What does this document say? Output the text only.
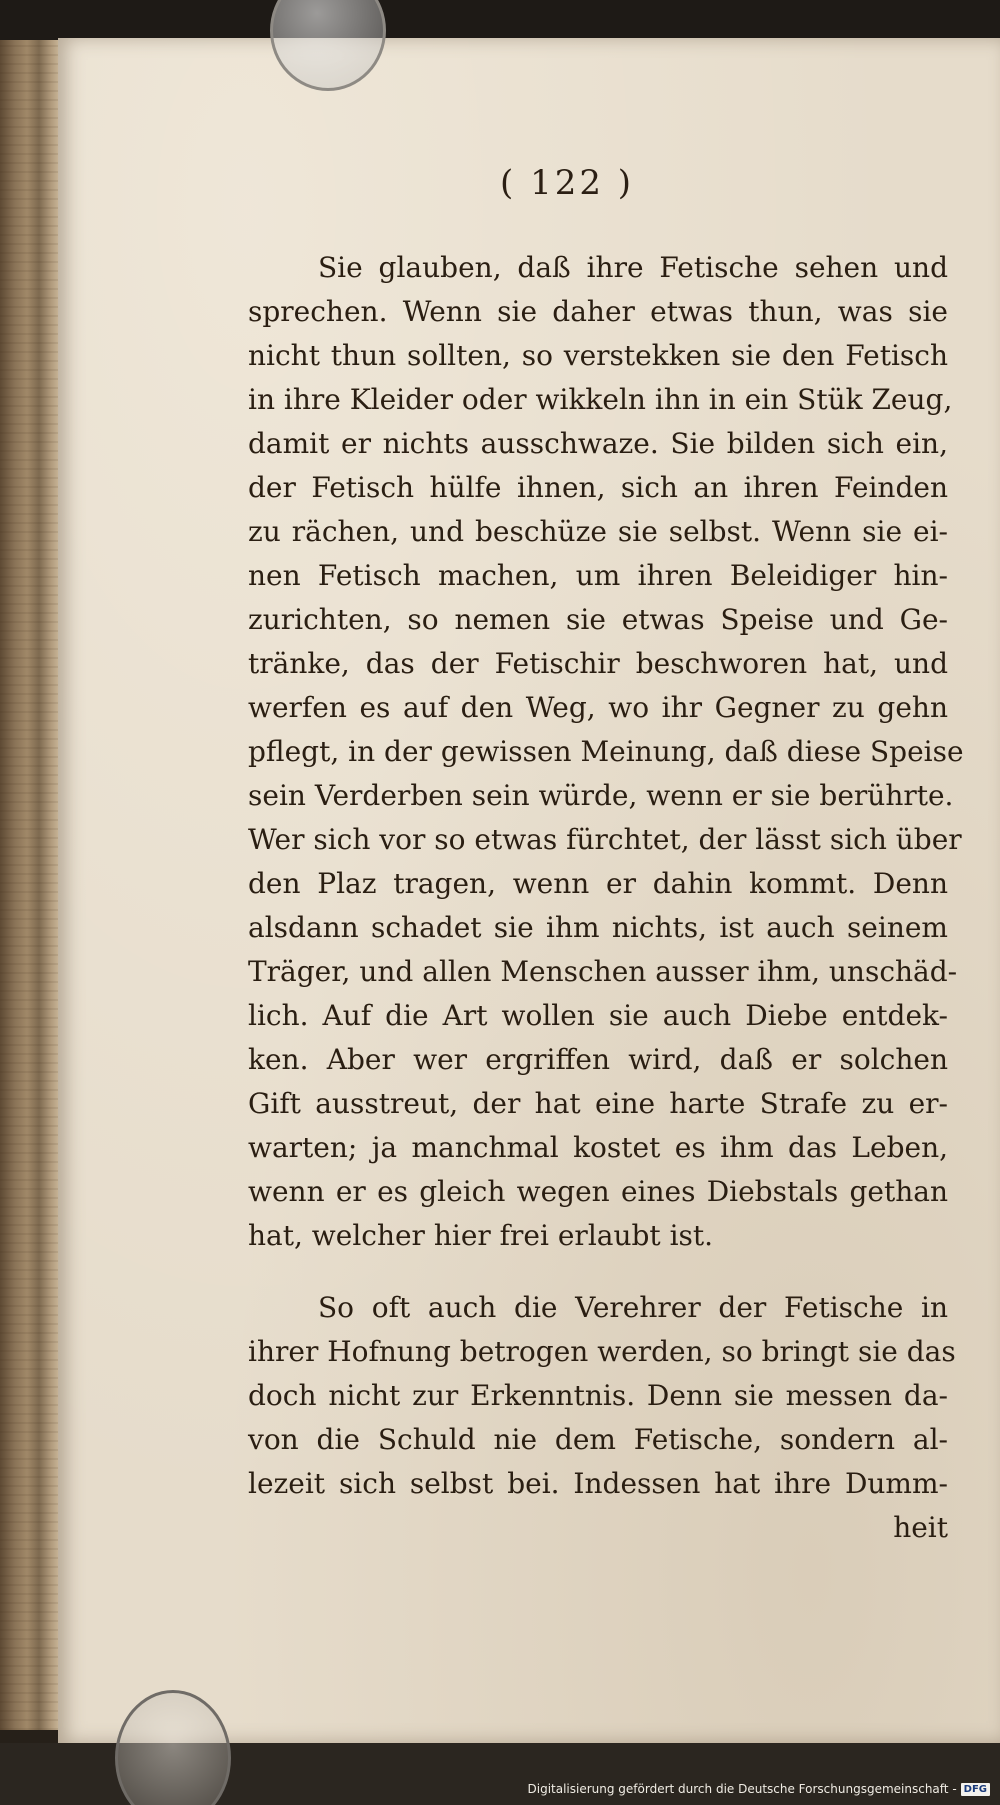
( 122 )
Sie glauben, daß ihre Fetische sehen und
sprechen. Wenn sie daher etwas thun, was sie
nicht thun sollten, so verstekken sie den Fetisch
in ihre Kleider oder wikkeln ihn in ein Stük Zeug,
damit er nichts ausschwaze. Sie bilden sich ein,
der Fetisch hülfe ihnen, sich an ihren Feinden
zu rächen, und beschüze sie selbst. Wenn sie ei-
nen Fetisch machen, um ihren Beleidiger hin-
zurichten, so nemen sie etwas Speise und Ge-
tränke, das der Fetischir beschworen hat, und
werfen es auf den Weg, wo ihr Gegner zu gehn
pflegt, in der gewissen Meinung, daß diese Speise
sein Verderben sein würde, wenn er sie berührte.
Wer sich vor so etwas fürchtet, der lässt sich über
den Plaz tragen, wenn er dahin kommt. Denn
alsdann schadet sie ihm nichts, ist auch seinem
Träger, und allen Menschen ausser ihm, unschäd-
lich. Auf die Art wollen sie auch Diebe entdek-
ken. Aber wer ergriffen wird, daß er solchen
Gift ausstreut, der hat eine harte Strafe zu er-
warten; ja manchmal kostet es ihm das Leben,
wenn er es gleich wegen eines Diebstals gethan
hat, welcher hier frei erlaubt ist.
So oft auch die Verehrer der Fetische in
ihrer Hofnung betrogen werden, so bringt sie das
doch nicht zur Erkenntnis. Denn sie messen da-
von die Schuld nie dem Fetische, sondern al-
lezeit sich selbst bei. Indessen hat ihre Dumm-
heit
Digitalisierung gefördert durch die Deutsche Forschungsgemeinschaft - DFG
